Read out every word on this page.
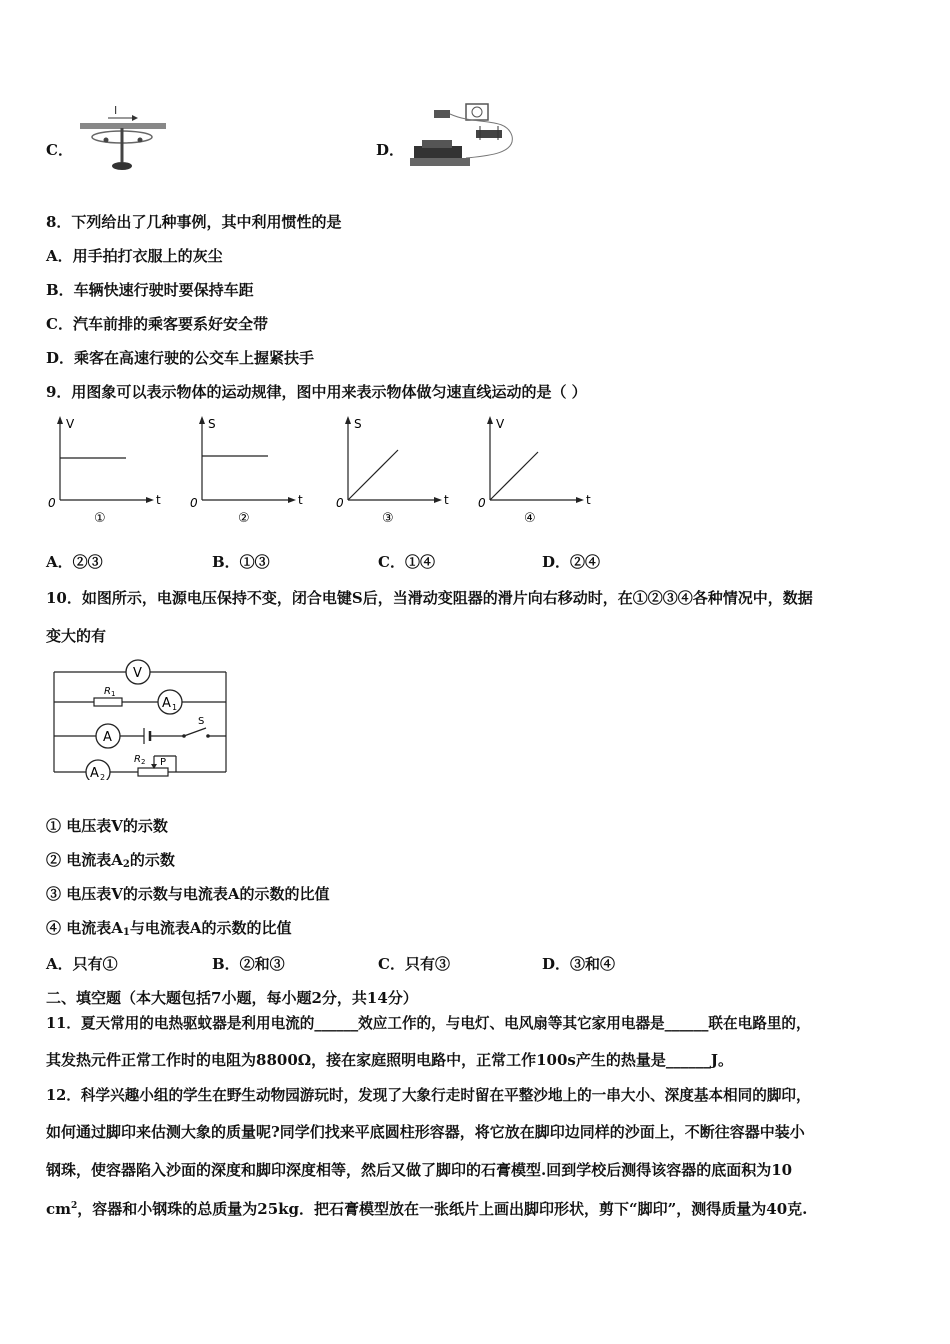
C．
I
D．
8．下列给出了几种事例，其中利用惯性的是
A．用手拍打衣服上的灰尘
B．车辆快速行驶时要保持车距
C．汽车前排的乘客要系好安全带
D．乘客在高速行驶的公交车上握紧扶手
9．用图象可以表示物体的运动规律，图中用来表示物体做匀速直线运动的是（ ）
V
t
0
①
S
t
0
②
S
t
0
③
V
t
0
④
A．②③	B．①③	C．①④	D．②④
10．如图所示，电源电压保持不变，闭合电键S后，当滑动变阻器的滑片向右移动时，在①②③④各种情况中，数据
变大的有
V
A 1
A
A 2
R 1
R 2
S
P
① 电压表V的示数
② 电流表$A_2$的示数
③ 电压表V的示数与电流表A的示数的比值
④ 电流表$A_1$与电流表A的示数的比值
A．只有①	B．②和③	C．只有③	D．③和④
二、填空题（本大题包括7小题，每小题2分，共14分）
11．夏天常用的电热驱蚊器是利用电流的______效应工作的，与电灯、电风扇等其它家用电器是______联在电路里的，
其发热元件正常工作时的电阻为8800Ω，接在家庭照明电路中，正常工作100s产生的热量是______J。
12．科学兴趣小组的学生在野生动物园游玩时，发现了大象行走时留在平整沙地上的一串大小、深度基本相同的脚印，
如何通过脚印来估测大象的质量呢?同学们找来平底圆柱形容器，将它放在脚印边同样的沙面上，不断往容器中装小
钢珠，使容器陷入沙面的深度和脚印深度相等，然后又做了脚印的石膏模型.回到学校后测得该容器的底面积为10
$cm^2$，容器和小钢珠的总质量为25kg．把石膏模型放在一张纸片上画出脚印形状，剪下“脚印”，测得质量为40克.
